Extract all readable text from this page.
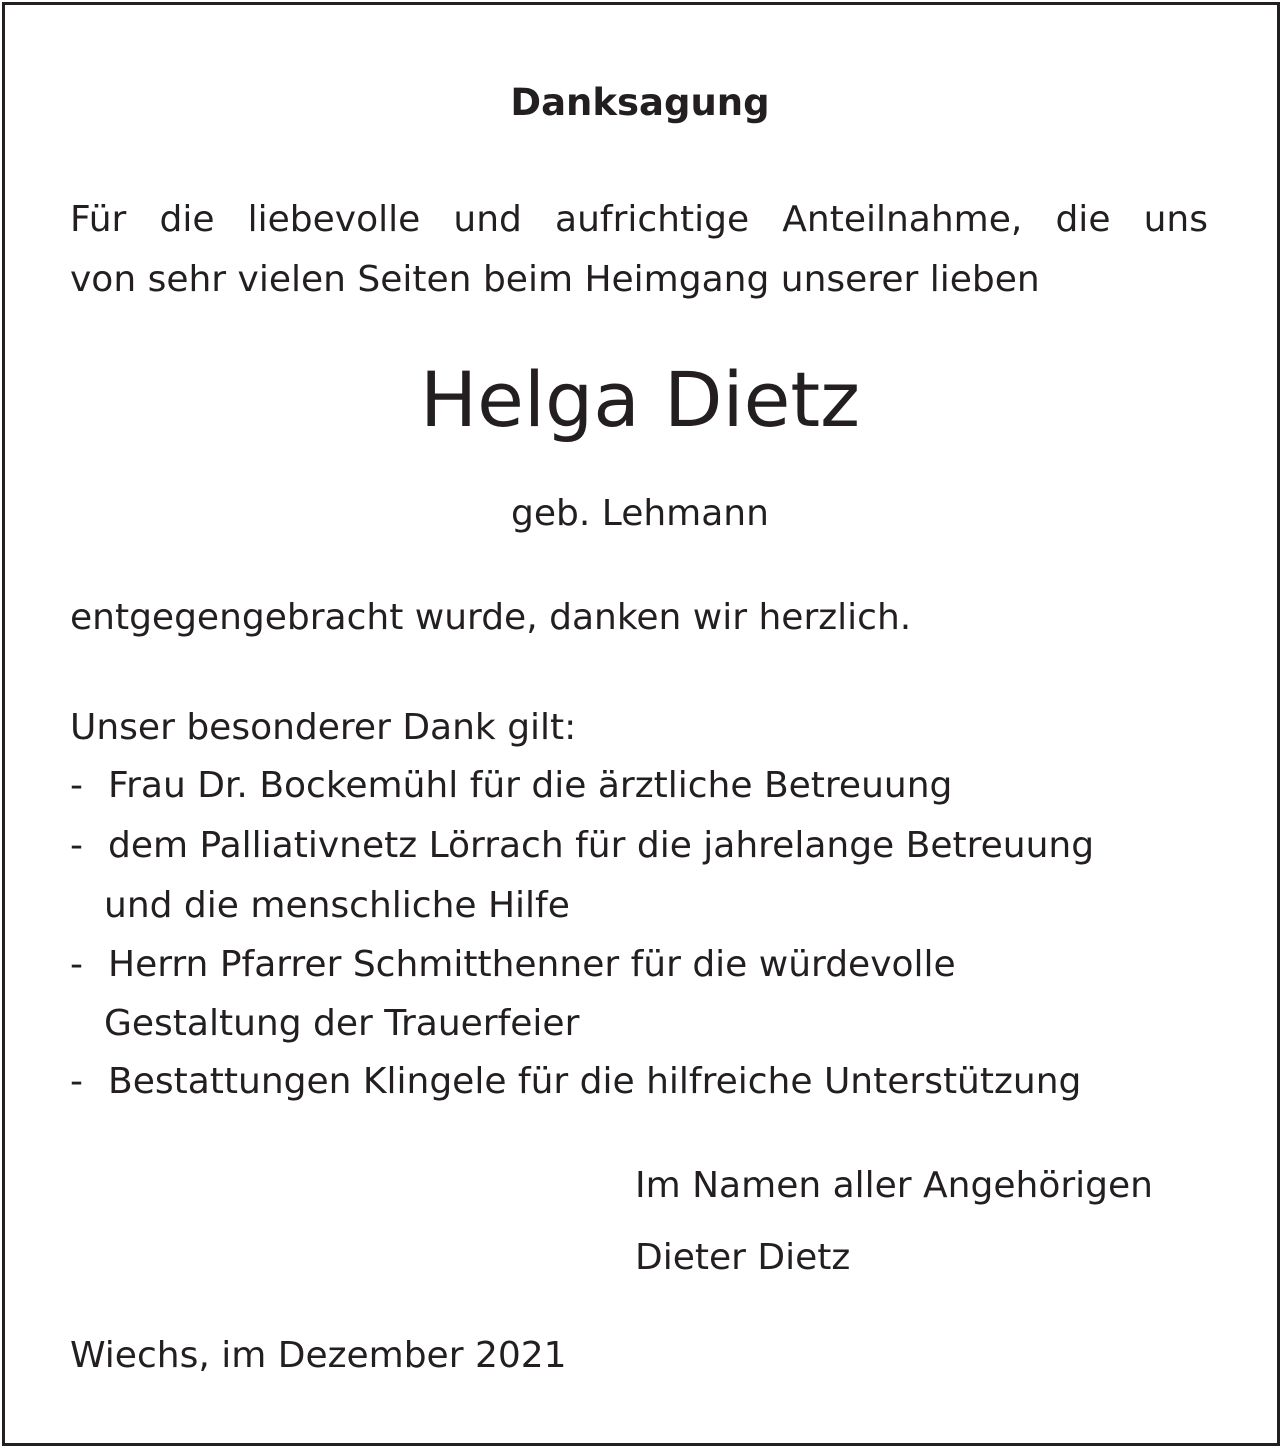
Danksagung
Für die liebevolle und aufrichtige Anteilnahme, die uns
von sehr vielen Seiten beim Heimgang unserer lieben
Helga Dietz
geb. Lehmann
entgegengebracht wurde, danken wir herzlich.
Unser besonderer Dank gilt:
- Frau Dr. Bockemühl für die ärztliche Betreuung
- dem Palliativnetz Lörrach für die jahrelange Betreuung
und die menschliche Hilfe
- Herrn Pfarrer Schmitthenner für die würdevolle
Gestaltung der Trauerfeier
- Bestattungen Klingele für die hilfreiche Unterstützung
Im Namen aller Angehörigen
Dieter Dietz
Wiechs, im Dezember 2021
